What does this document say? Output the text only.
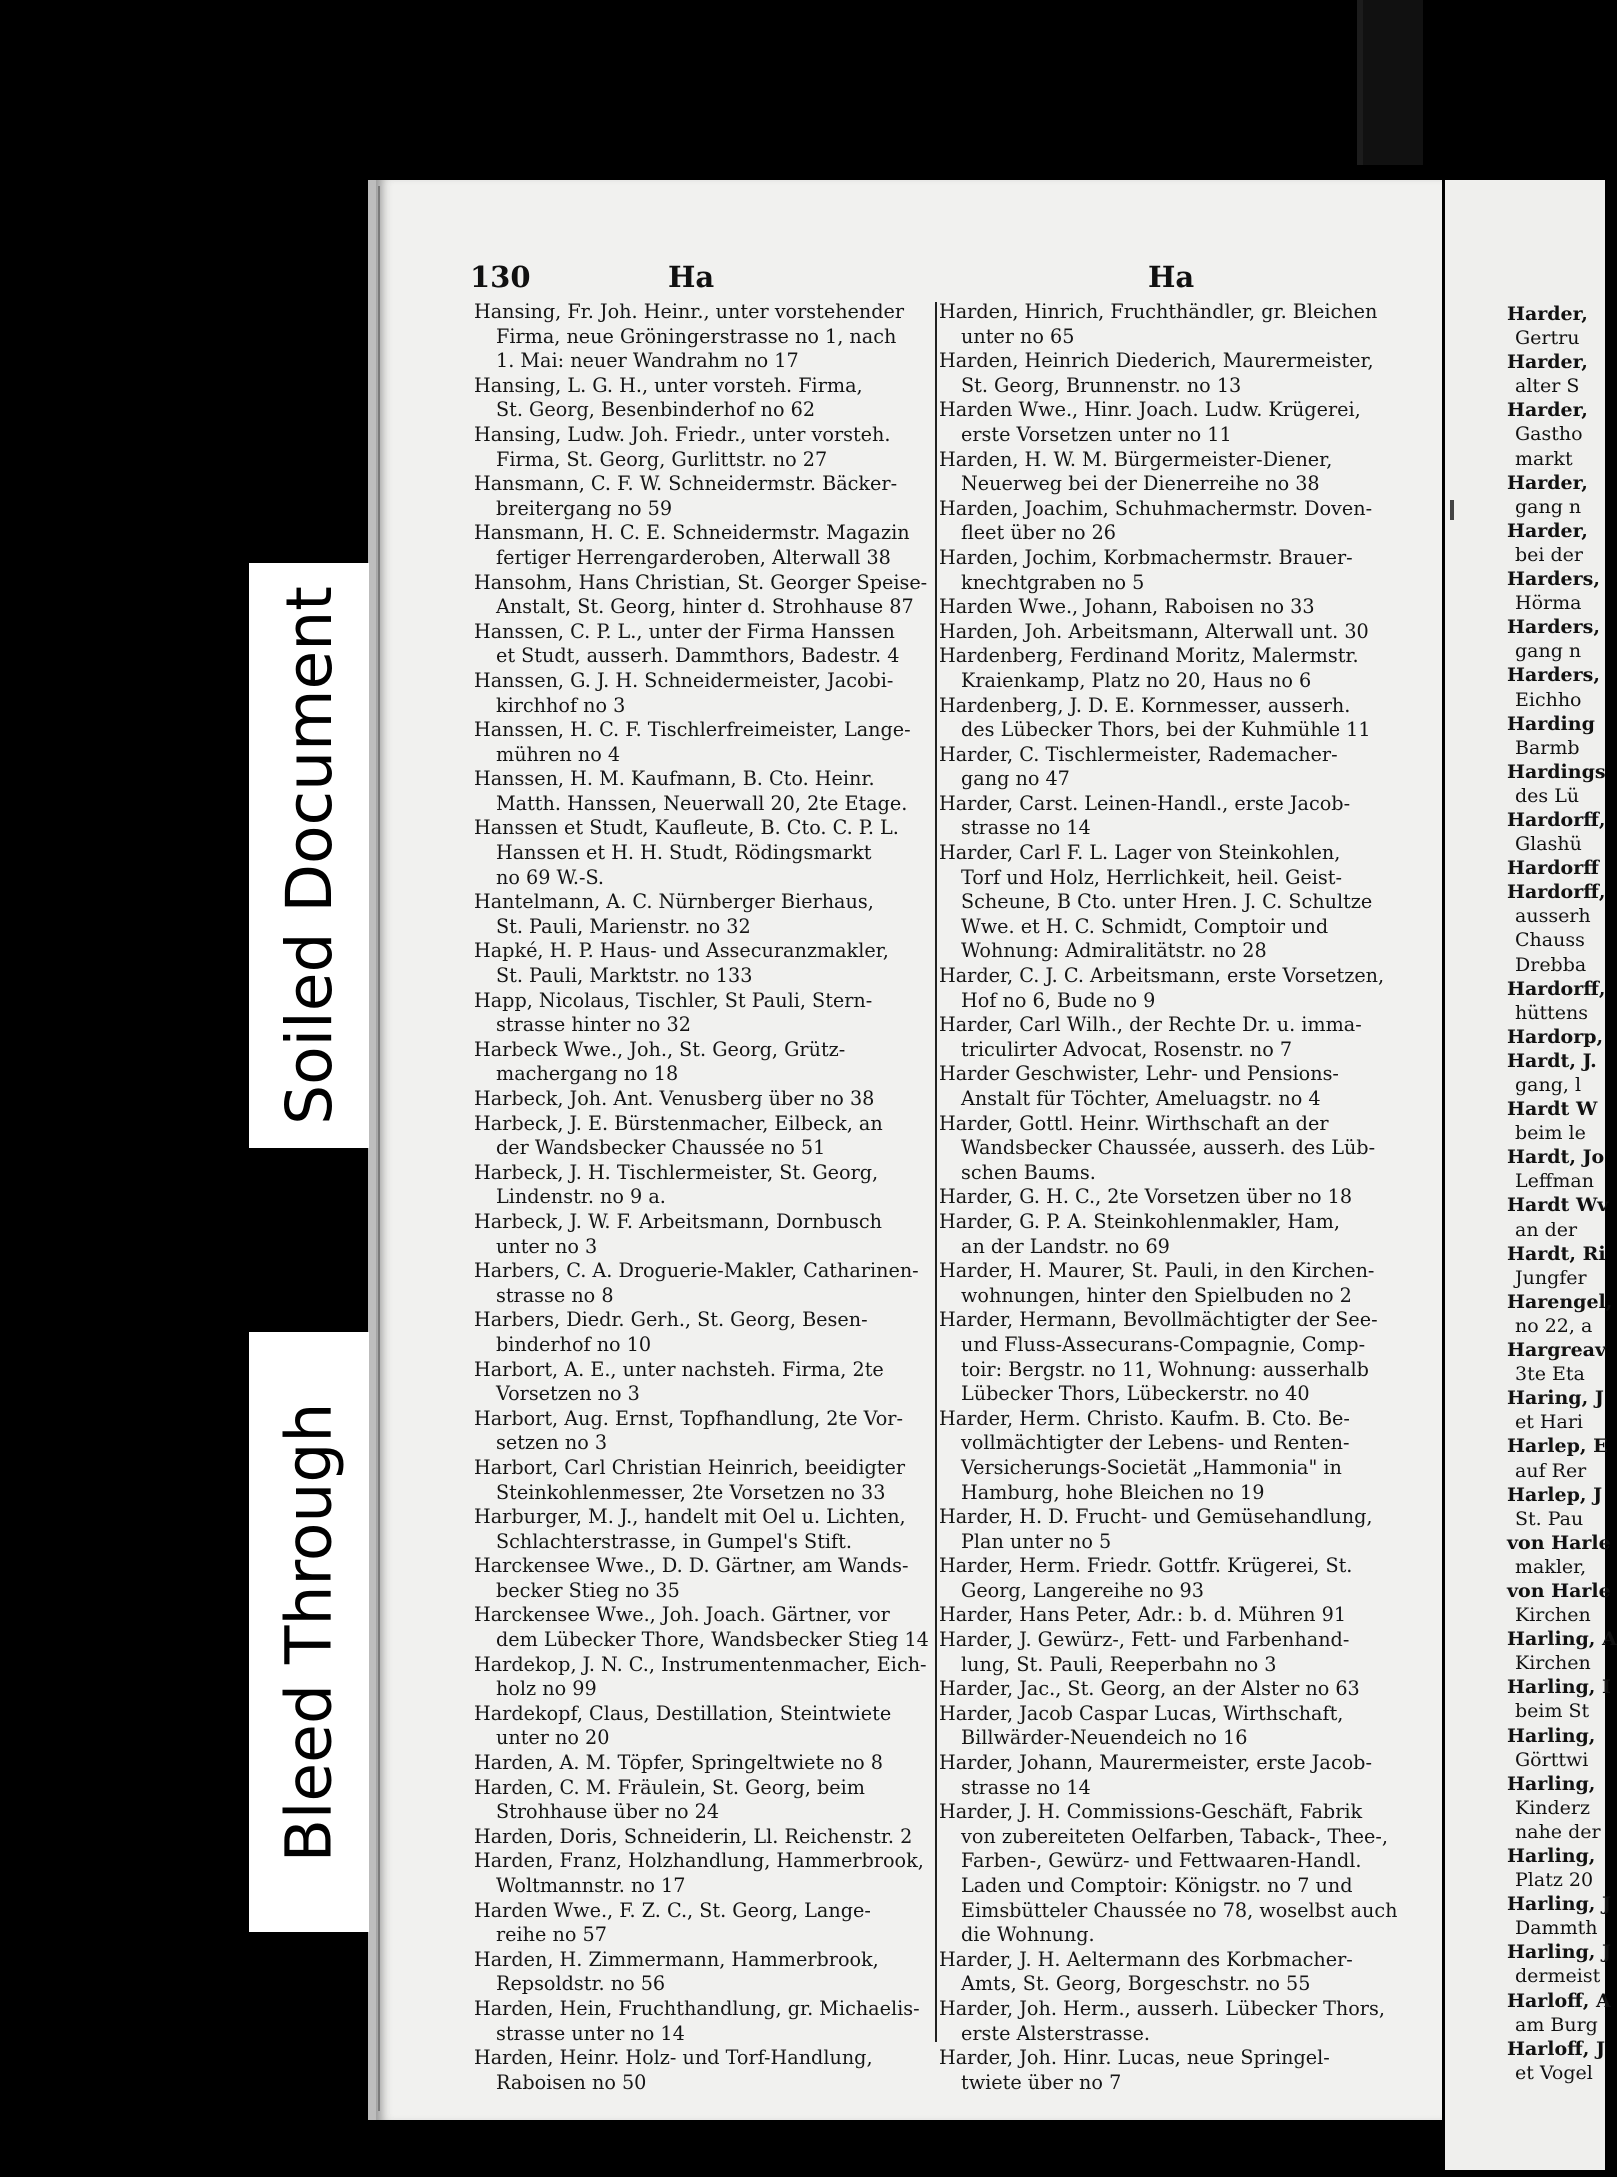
Harder,
Gertru
Harder,
alter S
Harder,
Gastho
markt
Harder,
gang n
Harder,
bei der
Harders,
Hörma
Harders,
gang n
Harders,
Eichho
Harding
Barmb
Hardings
des Lü
Hardorff,
Glashü
Hardorff
Hardorff,
ausserh
Chauss
Drebba
Hardorff,
hüttens
Hardorp,
Hardt, J.
gang, l
Hardt W
beim le
Hardt, Jo
Leffman
Hardt Wv
an der
Hardt, Ri
Jungfer
Harengel,
no 22, a
Hargreav
3te Eta
Haring, J
et Hari
Harlep, E
auf Rer
Harlep, J
St. Pau
von Harle
makler,
von Harle
Kirchen
Harling, A
Kirchen
Harling, I
beim St
Harling,
Görttwi
Harling,
Kinderz
nahe der
Harling,
Platz 20
Harling, J
Dammth
Harling, J
dermeist
Harloff, A
am Burg
Harloff, J
et Vogel
Soiled Document
Bleed Through
130	Ha	Ha
Hansing, Fr. Joh. Heinr., unter vorstehender
Firma, neue Gröningerstrasse no 1, nach
1. Mai: neuer Wandrahm no 17
Hansing, L. G. H., unter vorsteh. Firma,
St. Georg, Besenbinderhof no 62
Hansing, Ludw. Joh. Friedr., unter vorsteh.
Firma, St. Georg, Gurlittstr. no 27
Hansmann, C. F. W. Schneidermstr. Bäcker-
breitergang no 59
Hansmann, H. C. E. Schneidermstr. Magazin
fertiger Herrengarderoben, Alterwall 38
Hansohm, Hans Christian, St. Georger Speise-
Anstalt, St. Georg, hinter d. Strohhause 87
Hanssen, C. P. L., unter der Firma Hanssen
et Studt, ausserh. Dammthors, Badestr. 4
Hanssen, G. J. H. Schneidermeister, Jacobi-
kirchhof no 3
Hanssen, H. C. F. Tischlerfreimeister, Lange-
mühren no 4
Hanssen, H. M. Kaufmann, B. Cto. Heinr.
Matth. Hanssen, Neuerwall 20, 2te Etage.
Hanssen et Studt, Kaufleute, B. Cto. C. P. L.
Hanssen et H. H. Studt, Rödingsmarkt
no 69 W.-S.
Hantelmann, A. C. Nürnberger Bierhaus,
St. Pauli, Marienstr. no 32
Hapké, H. P. Haus- und Assecuranzmakler,
St. Pauli, Marktstr. no 133
Happ, Nicolaus, Tischler, St Pauli, Stern-
strasse hinter no 32
Harbeck Wwe., Joh., St. Georg, Grütz-
machergang no 18
Harbeck, Joh. Ant. Venusberg über no 38
Harbeck, J. E. Bürstenmacher, Eilbeck, an
der Wandsbecker Chaussée no 51
Harbeck, J. H. Tischlermeister, St. Georg,
Lindenstr. no 9 a.
Harbeck, J. W. F. Arbeitsmann, Dornbusch
unter no 3
Harbers, C. A. Droguerie-Makler, Catharinen-
strasse no 8
Harbers, Diedr. Gerh., St. Georg, Besen-
binderhof no 10
Harbort, A. E., unter nachsteh. Firma, 2te
Vorsetzen no 3
Harbort, Aug. Ernst, Topfhandlung, 2te Vor-
setzen no 3
Harbort, Carl Christian Heinrich, beeidigter
Steinkohlenmesser, 2te Vorsetzen no 33
Harburger, M. J., handelt mit Oel u. Lichten,
Schlachterstrasse, in Gumpel's Stift.
Harckensee Wwe., D. D. Gärtner, am Wands-
becker Stieg no 35
Harckensee Wwe., Joh. Joach. Gärtner, vor
dem Lübecker Thore, Wandsbecker Stieg 14
Hardekop, J. N. C., Instrumentenmacher, Eich-
holz no 99
Hardekopf, Claus, Destillation, Steintwiete
unter no 20
Harden, A. M. Töpfer, Springeltwiete no 8
Harden, C. M. Fräulein, St. Georg, beim
Strohhause über no 24
Harden, Doris, Schneiderin, Ll. Reichenstr. 2
Harden, Franz, Holzhandlung, Hammerbrook,
Woltmannstr. no 17
Harden Wwe., F. Z. C., St. Georg, Lange-
reihe no 57
Harden, H. Zimmermann, Hammerbrook,
Repsoldstr. no 56
Harden, Hein, Fruchthandlung, gr. Michaelis-
strasse unter no 14
Harden, Heinr. Holz- und Torf-Handlung,
Raboisen no 50
Harden, Hinrich, Fruchthändler, gr. Bleichen
unter no 65
Harden, Heinrich Diederich, Maurermeister,
St. Georg, Brunnenstr. no 13
Harden Wwe., Hinr. Joach. Ludw. Krügerei,
erste Vorsetzen unter no 11
Harden, H. W. M. Bürgermeister-Diener,
Neuerweg bei der Dienerreihe no 38
Harden, Joachim, Schuhmachermstr. Doven-
fleet über no 26
Harden, Jochim, Korbmachermstr. Brauer-
knechtgraben no 5
Harden Wwe., Johann, Raboisen no 33
Harden, Joh. Arbeitsmann, Alterwall unt. 30
Hardenberg, Ferdinand Moritz, Malermstr.
Kraienkamp, Platz no 20, Haus no 6
Hardenberg, J. D. E. Kornmesser, ausserh.
des Lübecker Thors, bei der Kuhmühle 11
Harder, C. Tischlermeister, Rademacher-
gang no 47
Harder, Carst. Leinen-Handl., erste Jacob-
strasse no 14
Harder, Carl F. L. Lager von Steinkohlen,
Torf und Holz, Herrlichkeit, heil. Geist-
Scheune, B Cto. unter Hren. J. C. Schultze
Wwe. et H. C. Schmidt, Comptoir und
Wohnung: Admiralitätstr. no 28
Harder, C. J. C. Arbeitsmann, erste Vorsetzen,
Hof no 6, Bude no 9
Harder, Carl Wilh., der Rechte Dr. u. imma-
triculirter Advocat, Rosenstr. no 7
Harder Geschwister, Lehr- und Pensions-
Anstalt für Töchter, Ameluagstr. no 4
Harder, Gottl. Heinr. Wirthschaft an der
Wandsbecker Chaussée, ausserh. des Lüb-
schen Baums.
Harder, G. H. C., 2te Vorsetzen über no 18
Harder, G. P. A. Steinkohlenmakler, Ham,
an der Landstr. no 69
Harder, H. Maurer, St. Pauli, in den Kirchen-
wohnungen, hinter den Spielbuden no 2
Harder, Hermann, Bevollmächtigter der See-
und Fluss-Assecurans-Compagnie, Comp-
toir: Bergstr. no 11, Wohnung: ausserhalb
Lübecker Thors, Lübeckerstr. no 40
Harder, Herm. Christo. Kaufm. B. Cto. Be-
vollmächtigter der Lebens- und Renten-
Versicherungs-Societät „Hammonia" in
Hamburg, hohe Bleichen no 19
Harder, H. D. Frucht- und Gemüsehandlung,
Plan unter no 5
Harder, Herm. Friedr. Gottfr. Krügerei, St.
Georg, Langereihe no 93
Harder, Hans Peter, Adr.: b. d. Mühren 91
Harder, J. Gewürz-, Fett- und Farbenhand-
lung, St. Pauli, Reeperbahn no 3
Harder, Jac., St. Georg, an der Alster no 63
Harder, Jacob Caspar Lucas, Wirthschaft,
Billwärder-Neuendeich no 16
Harder, Johann, Maurermeister, erste Jacob-
strasse no 14
Harder, J. H. Commissions-Geschäft, Fabrik
von zubereiteten Oelfarben, Taback-, Thee-,
Farben-, Gewürz- und Fettwaaren-Handl.
Laden und Comptoir: Königstr. no 7 und
Eimsbütteler Chaussée no 78, woselbst auch
die Wohnung.
Harder, J. H. Aeltermann des Korbmacher-
Amts, St. Georg, Borgeschstr. no 55
Harder, Joh. Herm., ausserh. Lübecker Thors,
erste Alsterstrasse.
Harder, Joh. Hinr. Lucas, neue Springel-
twiete über no 7
